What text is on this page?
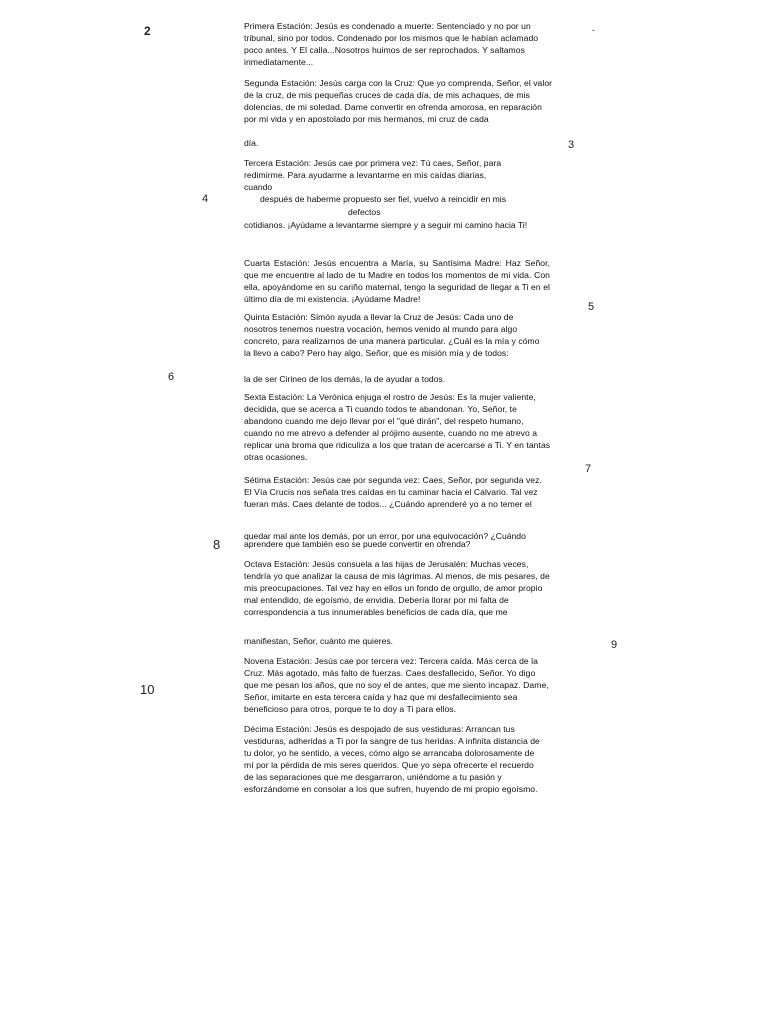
2	-
3
4
5
6
7
8
9
10
Primera Estación: Jesús es condenado a muerte: Sentenciado y no por un tribunal, sino por todos. Condenado por los mismos que le habían aclamado poco antes. Y El calla...Nosotros huimos de ser reprochados. Y saltamos inmediatamente...
Segunda Estación: Jesús carga con la Cruz: Que yo comprenda, Señor, el valor de la cruz, de mis pequeñas cruces de cada día, de mis achaques, de mis dolencias, de mi soledad. Dame convertir en ofrenda amorosa, en reparación por mi vida y en apostolado por mis hermanos, mi cruz de cada
día.
Tercera Estación: Jesús cae por primera vez: Tú caes, Señor, para redimirme. Para ayudarme a levantarme en mis caídas diarias,
cuando
después de haberme propuesto ser fiel, vuelvo a reincidir en mis
defectos
cotidianos. ¡Ayúdame a levantarme siempre y a seguir mi camino hacia Ti!
Cuarta Estación: Jesús encuentra a María, su Santísima Madre: Haz Señor, que me encuentre al lado de tu Madre en todos los momentos de mi vida. Con ella, apoyándome en su cariño maternal, tengo la seguridad de llegar a Ti en el último día de mi existencia. ¡Ayúdame Madre!
Quinta Estación: Simón ayuda a llevar la Cruz de Jesús: Cada uno de nosotros tenemos nuestra vocación, hemos venido al mundo para algo concreto, para realizarnos de una manera particular. ¿Cuál es la mía y cómo la llevo a cabo? Pero hay algo, Señor, que es misión mía y de todos:
la de ser Cirineo de los demás, la de ayudar a todos.
Sexta Estación: La Verónica enjuga el rostro de Jesús: Es la mujer valiente, decidida, que se acerca a Ti cuando todos te abandonan. Yo, Señor, te abandono cuando me dejo llevar por el "qué dirán", del respeto humano, cuando no me atrevo a defender al prójimo ausente, cuando no me atrevo a replicar una broma que ridiculiza a los que tratan de acercarse a Ti. Y en tantas otras ocasiones.
Sétima Estación: Jesús cae por segunda vez: Caes, Señor, por segunda vez. El Vía Crucis nos señala tres caídas en tu caminar hacia el Calvario. Tal vez fueran más. Caes delante de todos... ¿Cuándo aprenderé yo a no temer el
quedar mal ante los demás, por un error, por una equivocación? ¿Cuándo
aprendere que también eso se puede convertir en ofrenda?
Octava Estación: Jesús consuela a las hijas de Jerusalén: Muchas veces, tendría yo que analizar la causa de mis lágrimas. Al menos, de mis pesares, de mis preocupaciones. Tal vez hay en ellos un fondo de orgullo, de amor propio mal entendido, de egoísmo, de envidia. Debería llorar por mi falta de correspondencia a tus innumerables beneficios de cada día, que me
manifiestan, Señor, cuánto me quieres.
Novena Estación: Jesús cae por tercera vez: Tercera caída. Más cerca de la Cruz. Más agotado, más falto de fuerzas. Caes desfallecido, Señor. Yo digo que me pesan los años, que no soy el de antes, que me siento incapaz. Dame, Señor, imitarte en esta tercera caída y haz que mi desfallecimiento sea beneficioso para otros, porque te lo doy a Ti para ellos.
Décima Estación: Jesús es despojado de sus vestiduras: Arrancan tus vestiduras, adheridas a Ti por la sangre de tus heridas. A infinita distancia de tu dolor, yo he sentido, a veces, cómo algo se arrancaba dolorosamente de mí por la pérdida de mis seres queridos. Que yo sepa ofrecerte el recuerdo de las separaciones que me desgarraron, uniéndome a tu pasión y esforzándome en consolar a los que sufren, huyendo de mi propio egoísmo.
